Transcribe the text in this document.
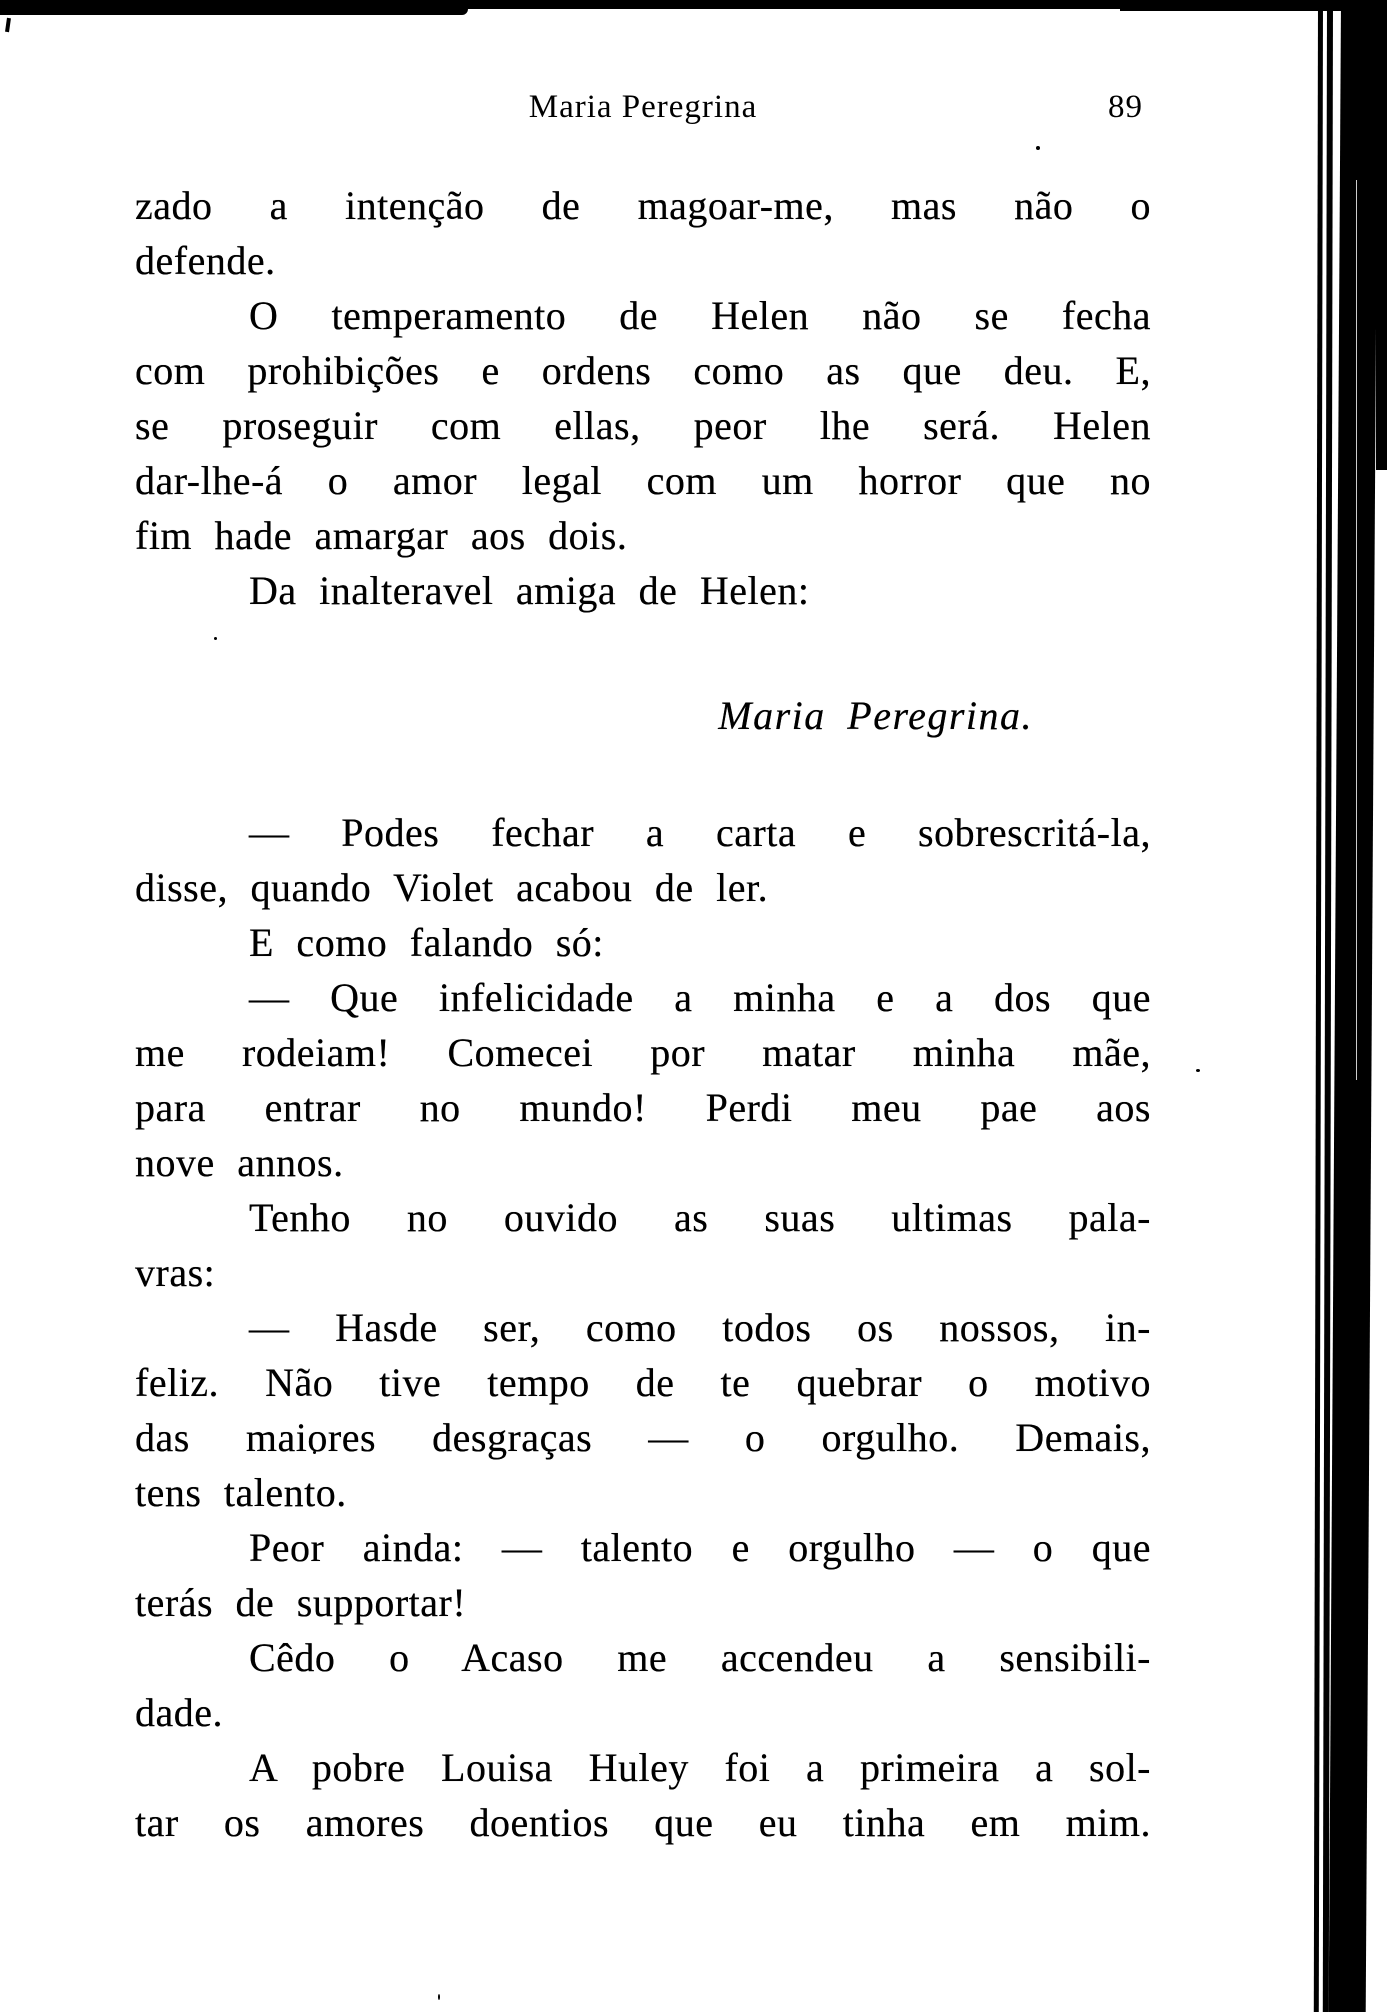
Maria Peregrina	89
zado a intenção de magoar-me, mas não o
defende.
O temperamento de Helen não se fecha
com prohibições e ordens como as que deu. E,
se proseguir com ellas, peor lhe será. Helen
dar-lhe-á o amor legal com um horror que no
fim hade amargar aos dois.
Da inalteravel amiga de Helen:
Maria Peregrina.
— Podes fechar a carta e sobrescritá-la,
disse, quando Violet acabou de ler.
E como falando só:
— Que infelicidade a minha e a dos que
me rodeiam! Comecei por matar minha mãe,
para entrar no mundo! Perdi meu pae aos
nove annos.
Tenho no ouvido as suas ultimas pala-
vras:
— Hasde ser, como todos os nossos, in-
feliz. Não tive tempo de te quebrar o motivo
das maiores desgraças — o orgulho. Demais,
tens talento.
Peor ainda: — talento e orgulho — o que
terás de supportar!
Cêdo o Acaso me accendeu a sensibili-
dade.
A pobre Louisa Huley foi a primeira a sol-
tar os amores doentios que eu tinha em mim.
